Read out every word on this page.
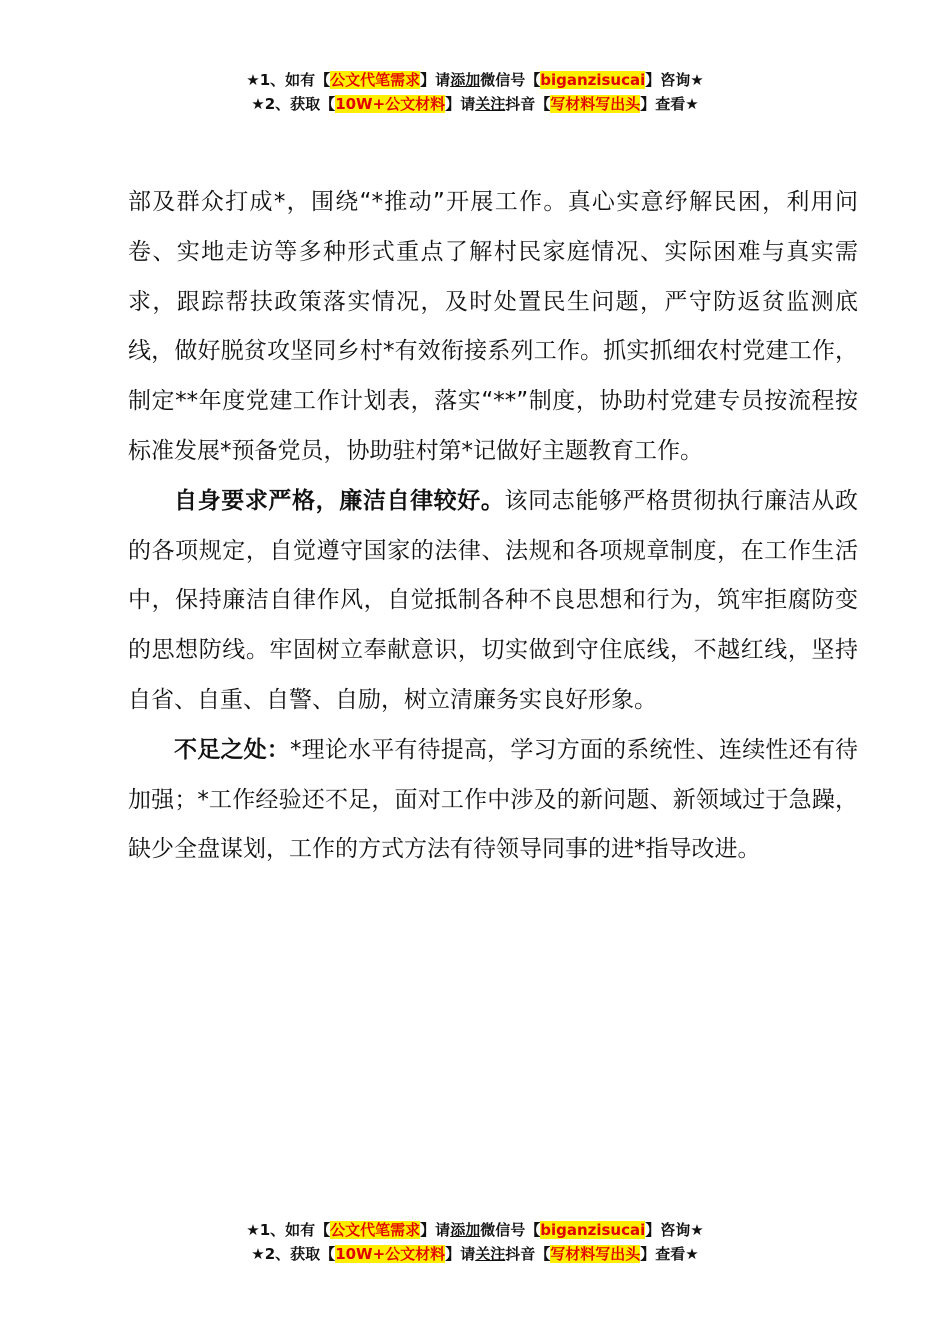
★1、如有【公文代笔需求】请添加微信号【biganzisucai】咨询★
★2、获取【10W+公文材料】请关注抖音【写材料写出头】查看★

部及群众打成*，围绕“*推动”开展工作。真心实意纾解民困，利用问卷、实地走访等多种形式重点了解村民家庭情况、实际困难与真实需求，跟踪帮扶政策落实情况，及时处置民生问题，严守防返贫监测底线，做好脱贫攻坚同乡村*有效衔接系列工作。抓实抓细农村党建工作，制定**年度党建工作计划表，落实“**”制度，协助村党建专员按流程按标准发展*预备党员，协助驻村第*记做好主题教育工作。

自身要求严格，廉洁自律较好。该同志能够严格贯彻执行廉洁从政的各项规定，自觉遵守国家的法律、法规和各项规章制度，在工作生活中，保持廉洁自律作风，自觉抵制各种不良思想和行为，筑牢拒腐防变的思想防线。牢固树立奉献意识，切实做到守住底线，不越红线，坚持自省、自重、自警、自励，树立清廉务实良好形象。

不足之处：*理论水平有待提高，学习方面的系统性、连续性还有待加强；*工作经验还不足，面对工作中涉及的新问题、新领域过于急躁，缺少全盘谋划，工作的方式方法有待领导同事的进*指导改进。

★1、如有【公文代笔需求】请添加微信号【biganzisucai】咨询★
★2、获取【10W+公文材料】请关注抖音【写材料写出头】查看★
